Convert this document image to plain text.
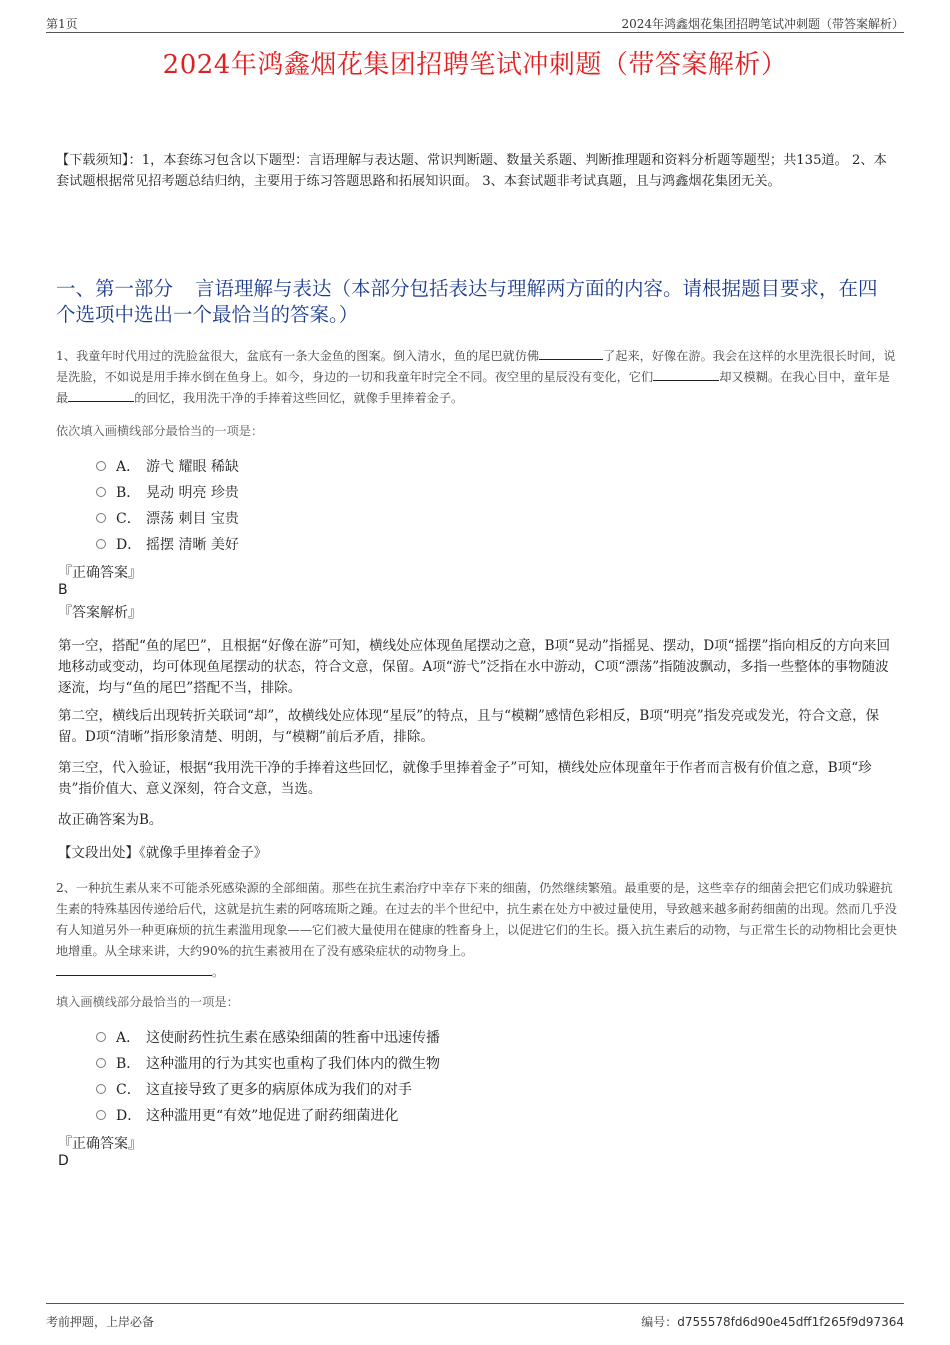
第1页	2024年鸿鑫烟花集团招聘笔试冲刺题（带答案解析）
2024年鸿鑫烟花集团招聘笔试冲刺题（带答案解析）
【下载须知】：1，本套练习包含以下题型：言语理解与表达题、常识判断题、数量关系题、判断推理题和资料分析题等题型；共135道。 2、本套试题根据常见招考题总结归纳，主要用于练习答题思路和拓展知识面。 3、本套试题非考试真题，且与鸿鑫烟花集团无关。
一、第一部分 言语理解与表达（本部分包括表达与理解两方面的内容。请根据题目要求，在四个选项中选出一个最恰当的答案。）
1、我童年时代用过的洗脸盆很大，盆底有一条大金鱼的图案。倒入清水，鱼的尾巴就仿佛	了起来，好像在游。我会在这样的水里洗很长时间，说是洗脸，不如说是用手捧水倒在鱼身上。如今，身边的一切和我童年时完全不同。夜空里的星辰没有变化，它们	却又模糊。在我心目中，童年是最	的回忆，我用洗干净的手捧着这些回忆，就像手里捧着金子。
依次填入画横线部分最恰当的一项是：
A． 游弋 耀眼 稀缺
B． 晃动 明亮 珍贵
C． 漂荡 刺目 宝贵
D． 摇摆 清晰 美好
『正确答案』
B
『答案解析』

第一空，搭配“鱼的尾巴”，且根据“好像在游”可知，横线处应体现鱼尾摆动之意，B项“晃动”指摇晃、摆动，D项“摇摆”指向相反的方向来回地移动或变动，均可体现鱼尾摆动的状态，符合文意，保留。A项“游弋”泛指在水中游动，C项“漂荡”指随波飘动，多指一些整体的事物随波逐流，均与“鱼的尾巴”搭配不当，排除。

第二空，横线后出现转折关联词“却”，故横线处应体现“星辰”的特点，且与“模糊”感情色彩相反，B项“明亮”指发亮或发光，符合文意，保留。D项“清晰”指形象清楚、明朗，与“模糊”前后矛盾，排除。

第三空，代入验证，根据“我用洗干净的手捧着这些回忆，就像手里捧着金子”可知，横线处应体现童年于作者而言极有价值之意，B项“珍贵”指价值大、意义深刻，符合文意，当选。

故正确答案为B。

【文段出处】《就像手里捧着金子》

2、一种抗生素从来不可能杀死感染源的全部细菌。那些在抗生素治疗中幸存下来的细菌，仍然继续繁殖。最重要的是，这些幸存的细菌会把它们成功躲避抗生素的特殊基因传递给后代，这就是抗生素的阿喀琉斯之踵。在过去的半个世纪中，抗生素在处方中被过量使用，导致越来越多耐药细菌的出现。然而几乎没有人知道另外一种更麻烦的抗生素滥用现象——它们被大量使用在健康的牲畜身上，以促进它们的生长。摄入抗生素后的动物，与正常生长的动物相比会更快地增重。从全球来讲，大约90%的抗生素被用在了没有感染症状的动物身上。
。
填入画横线部分最恰当的一项是：
A． 这使耐药性抗生素在感染细菌的牲畜中迅速传播
B． 这种滥用的行为其实也重构了我们体内的微生物
C． 这直接导致了更多的病原体成为我们的对手
D． 这种滥用更“有效”地促进了耐药细菌进化
『正确答案』
D
考前押题，上岸必备	编号：d755578fd6d90e45dff1f265f9d97364
